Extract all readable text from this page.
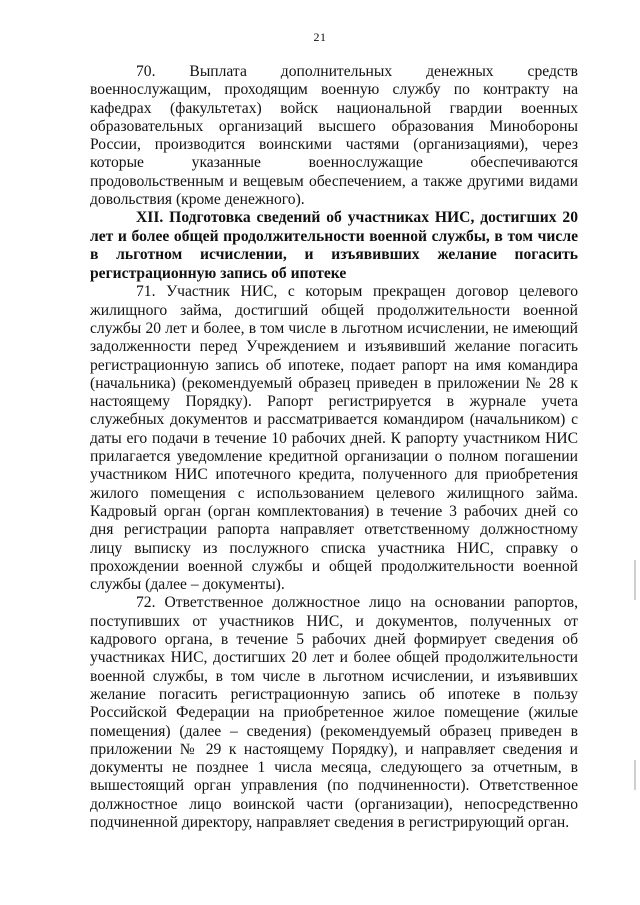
21

70. Выплата дополнительных денежных средств военнослужащим, проходящим военную службу по контракту на кафедрах (факультетах) войск национальной гвардии военных образовательных организаций высшего образования Минобороны России, производится воинскими частями (организациями), через которые указанные военнослужащие обеспечиваются продовольственным и вещевым обеспечением, а также другими видами довольствия (кроме денежного).

XII. Подготовка сведений об участниках НИС, достигших 20 лет и более общей продолжительности военной службы, в том числе в льготном исчислении, и изъявивших желание погасить регистрационную запись об ипотеке

71. Участник НИС, с которым прекращен договор целевого жилищного займа, достигший общей продолжительности военной службы 20 лет и более, в том числе в льготном исчислении, не имеющий задолженности перед Учреждением и изъявивший желание погасить регистрационную запись об ипотеке, подает рапорт на имя командира (начальника) (рекомендуемый образец приведен в приложении № 28 к настоящему Порядку). Рапорт регистрируется в журнале учета служебных документов и рассматривается командиром (начальником) с даты его подачи в течение 10 рабочих дней. К рапорту участником НИС прилагается уведомление кредитной организации о полном погашении участником НИС ипотечного кредита, полученного для приобретения жилого помещения с использованием целевого жилищного займа. Кадровый орган (орган комплектования) в течение 3 рабочих дней со дня регистрации рапорта направляет ответственному должностному лицу выписку из послужного списка участника НИС, справку о прохождении военной службы и общей продолжительности военной службы (далее – документы).

72. Ответственное должностное лицо на основании рапортов, поступивших от участников НИС, и документов, полученных от кадрового органа, в течение 5 рабочих дней формирует сведения об участниках НИС, достигших 20 лет и более общей продолжительности военной службы, в том числе в льготном исчислении, и изъявивших желание погасить регистрационную запись об ипотеке в пользу Российской Федерации на приобретенное жилое помещение (жилые помещения) (далее – сведения) (рекомендуемый образец приведен в приложении № 29 к настоящему Порядку), и направляет сведения и документы не позднее 1 числа месяца, следующего за отчетным, в вышестоящий орган управления (по подчиненности). Ответственное должностное лицо воинской части (организации), непосредственно подчиненной директору, направляет сведения в регистрирующий орган.
